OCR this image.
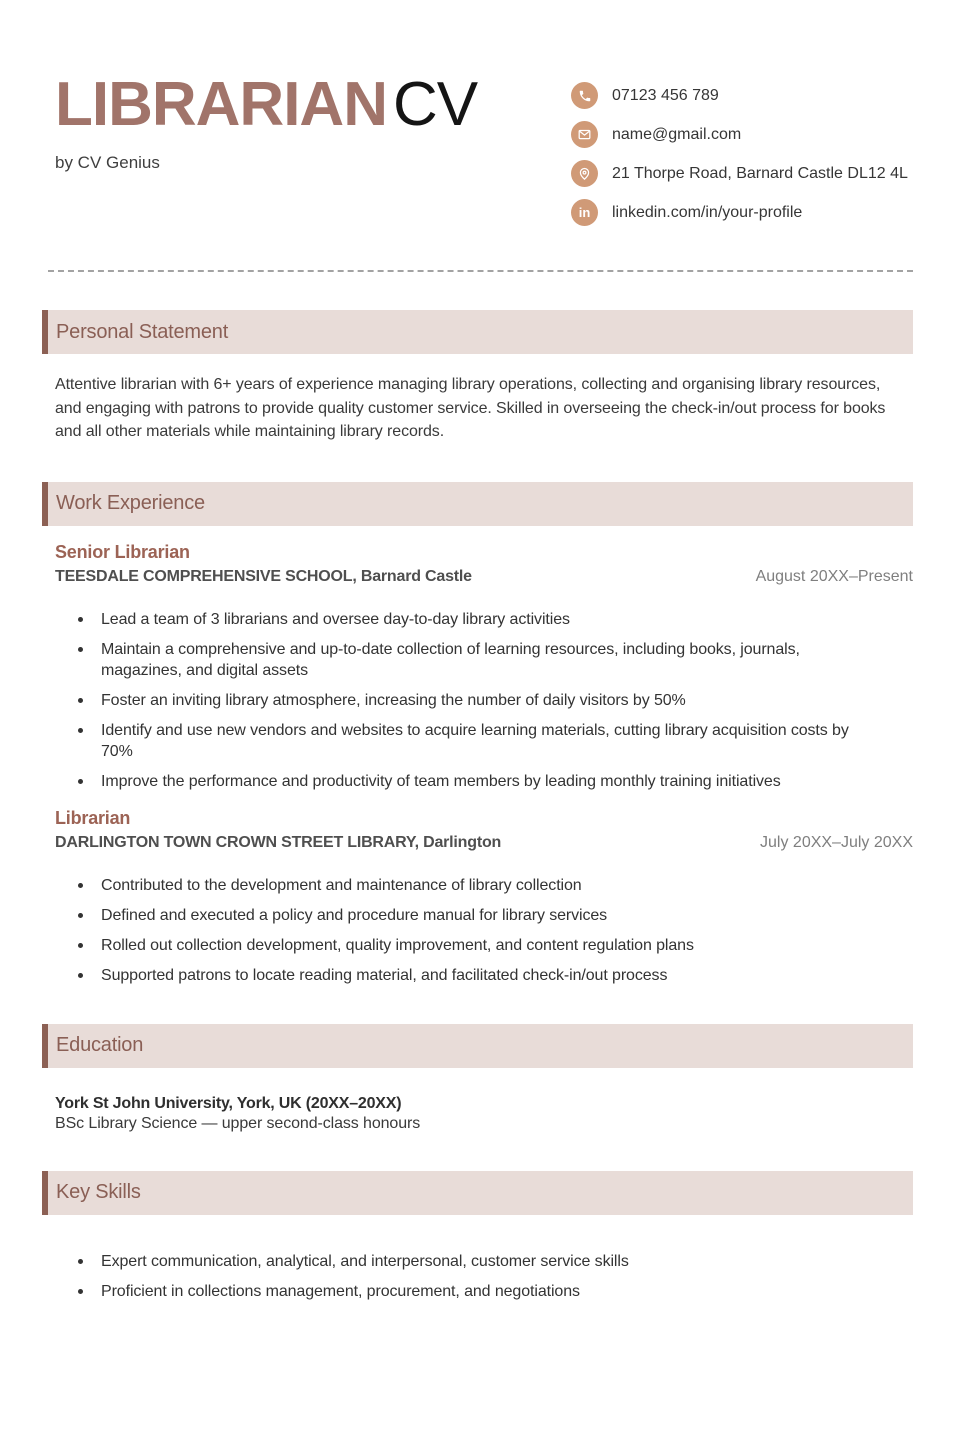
LIBRARIANCV

by CV Genius

07123 456 789
name@gmail.com
21 Thorpe Road, Barnard Castle DL12 4L
in linkedin.com/in/your-profile
Personal Statement

Attentive librarian with 6+ years of experience managing library operations, collecting and organising library resources, and engaging with patrons to provide quality customer service. Skilled in overseeing the check-in/out process for books and all other materials while maintaining library records.

Work Experience
Senior Librarian
TEESDALE COMPREHENSIVE SCHOOL, Barnard Castle	August 20XX–Present
Lead a team of 3 librarians and oversee day-to-day library activities
Maintain a comprehensive and up-to-date collection of learning resources, including books, journals, magazines, and digital assets
Foster an inviting library atmosphere, increasing the number of daily visitors by 50%
Identify and use new vendors and websites to acquire learning materials, cutting library acquisition costs by 70%
Improve the performance and productivity of team members by leading monthly training initiatives
Librarian
DARLINGTON TOWN CROWN STREET LIBRARY, Darlington	July 20XX–July 20XX
Contributed to the development and maintenance of library collection
Defined and executed a policy and procedure manual for library services
Rolled out collection development, quality improvement, and content regulation plans
Supported patrons to locate reading material, and facilitated check-in/out process
Education
York St John University, York, UK (20XX–20XX)
BSc Library Science — upper second-class honours
Key Skills
Expert communication, analytical, and interpersonal, customer service skills
Proficient in collections management, procurement, and negotiations
